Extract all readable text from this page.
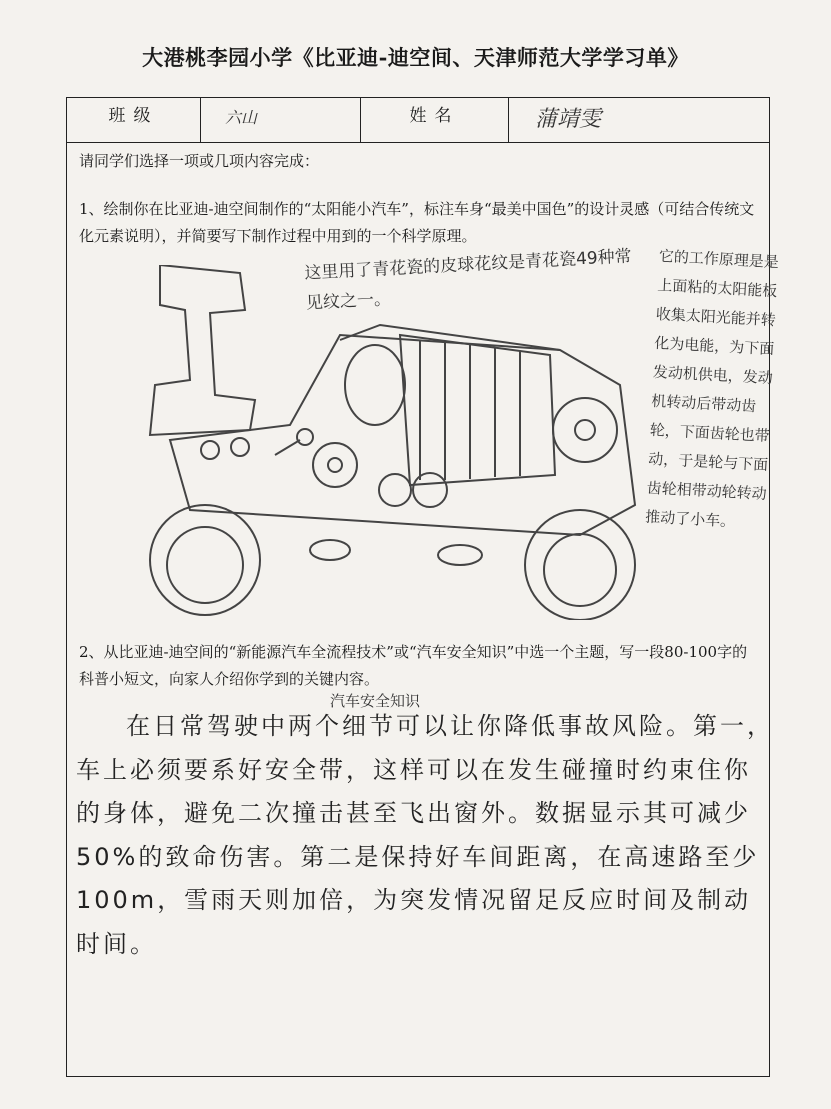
大港桃李园小学《比亚迪-迪空间、天津师范大学学习单》
班级	六山	姓名	蒲靖雯
请同学们选择一项或几项内容完成：
1、绘制你在比亚迪-迪空间制作的“太阳能小汽车”，标注车身“最美中国色”的设计灵感（可结合传统文化元素说明），并简要写下制作过程中用到的一个科学原理。
2、从比亚迪-迪空间的“新能源汽车全流程技术”或“汽车安全知识”中选一个主题，写一段80-100字的科普小短文，向家人介绍你学到的关键内容。
这里用了青花瓷的皮球花纹是青花瓷49种常见纹之一。
它的工作原理是是上面粘的太阳能板收集太阳光能并转化为电能，为下面发动机供电，发动机转动后带动齿轮，下面齿轮也带动，于是轮与下面齿轮相带动轮转动推动了小车。
汽车安全知识
在日常驾驶中两个细节可以让你降低事故风险。第一，车上必须要系好安全带，这样可以在发生碰撞时约束住你的身体，避免二次撞击甚至飞出窗外。数据显示其可减少50%的致命伤害。第二是保持好车间距离，在高速路至少100m，雪雨天则加倍，为突发情况留足反应时间及制动时间。
